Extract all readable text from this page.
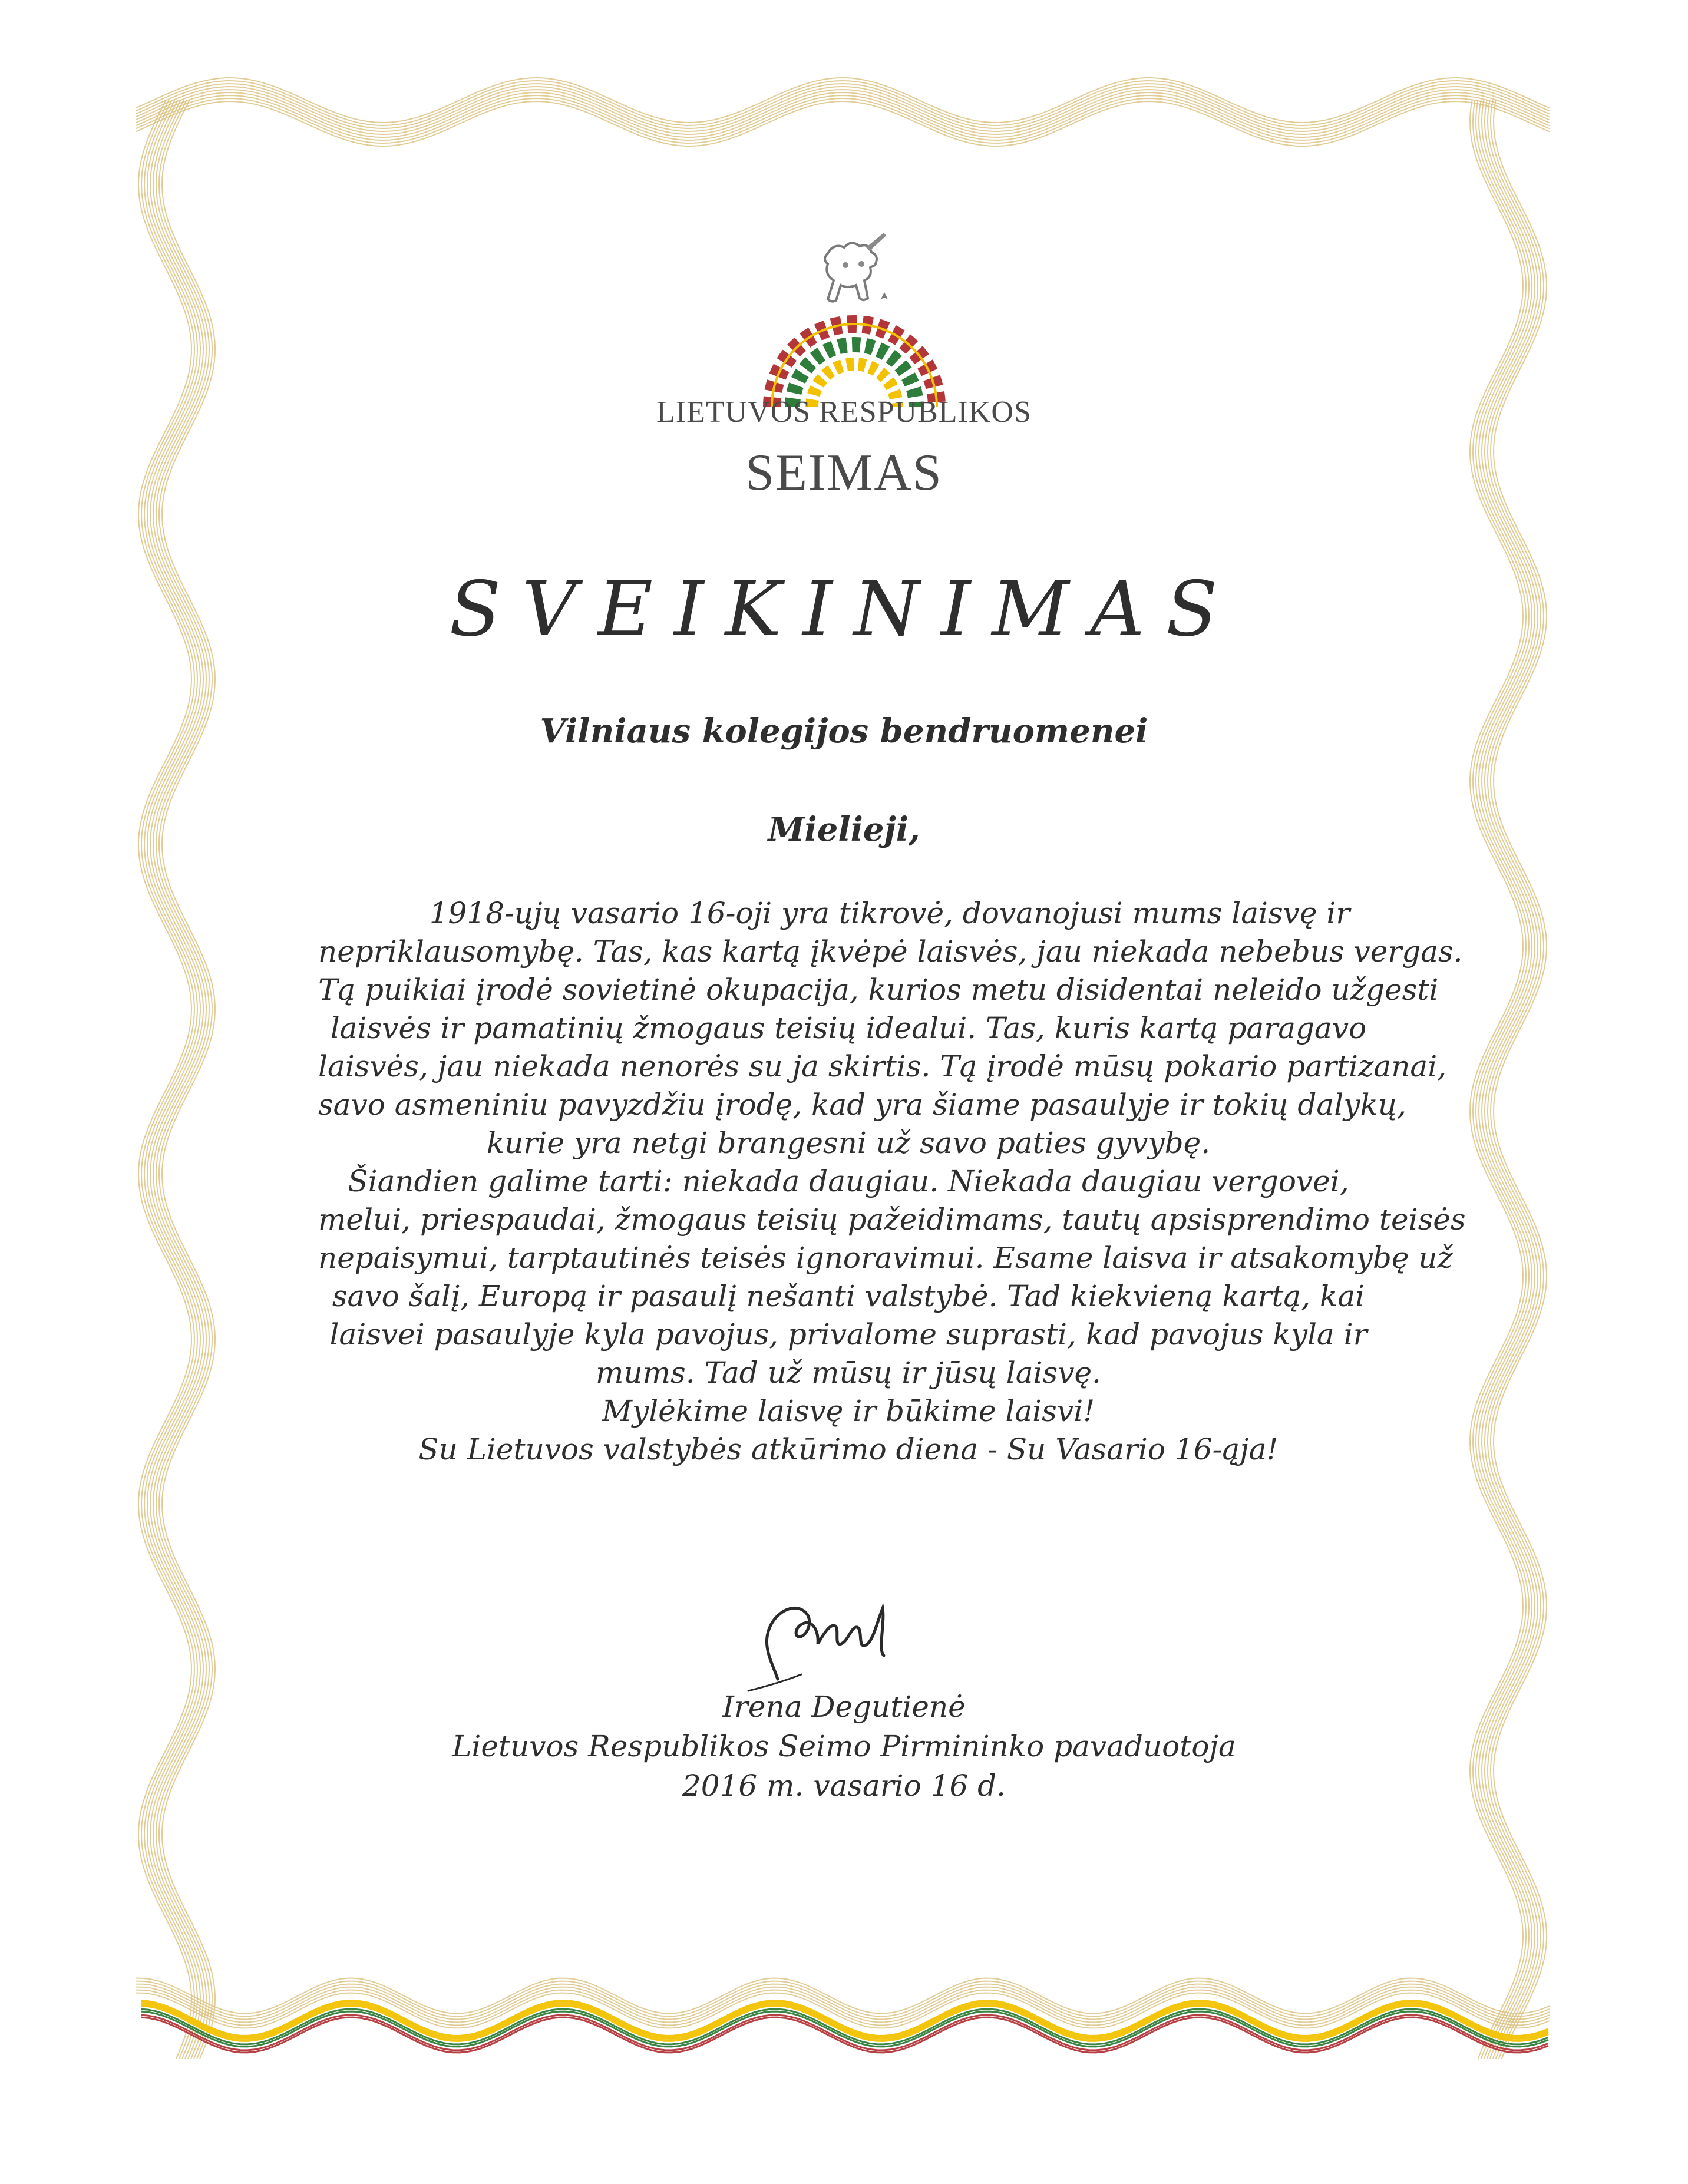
LIETUVOS RESPUBLIKOS
SEIMAS
SVEIKINIMAS
Vilniaus kolegijos bendruomenei
Mielieji,
1918-ųjų vasario 16-oji yra tikrovė, dovanojusi mums laisvę ir
nepriklausomybę. Tas, kas kartą įkvėpė laisvės, jau niekada nebebus vergas.
Tą puikiai įrodė sovietinė okupacija, kurios metu disidentai neleido užgesti
laisvės ir pamatinių žmogaus teisių idealui. Tas, kuris kartą paragavo
laisvės, jau niekada nenorės su ja skirtis. Tą įrodė mūsų pokario partizanai,
savo asmeniniu pavyzdžiu įrodę, kad yra šiame pasaulyje ir tokių dalykų,
kurie yra netgi brangesni už savo paties gyvybę.
Šiandien galime tarti: niekada daugiau. Niekada daugiau vergovei,
melui, priespaudai, žmogaus teisių pažeidimams, tautų apsisprendimo teisės
nepaisymui, tarptautinės teisės ignoravimui. Esame laisva ir atsakomybę už
savo šalį, Europą ir pasaulį nešanti valstybė. Tad kiekvieną kartą, kai
laisvei pasaulyje kyla pavojus, privalome suprasti, kad pavojus kyla ir
mums. Tad už mūsų ir jūsų laisvę.
Mylėkime laisvę ir būkime laisvi!
Su Lietuvos valstybės atkūrimo diena - Su Vasario 16-ąja!
Irena Degutienė
Lietuvos Respublikos Seimo Pirmininko pavaduotoja
2016 m. vasario 16 d.
